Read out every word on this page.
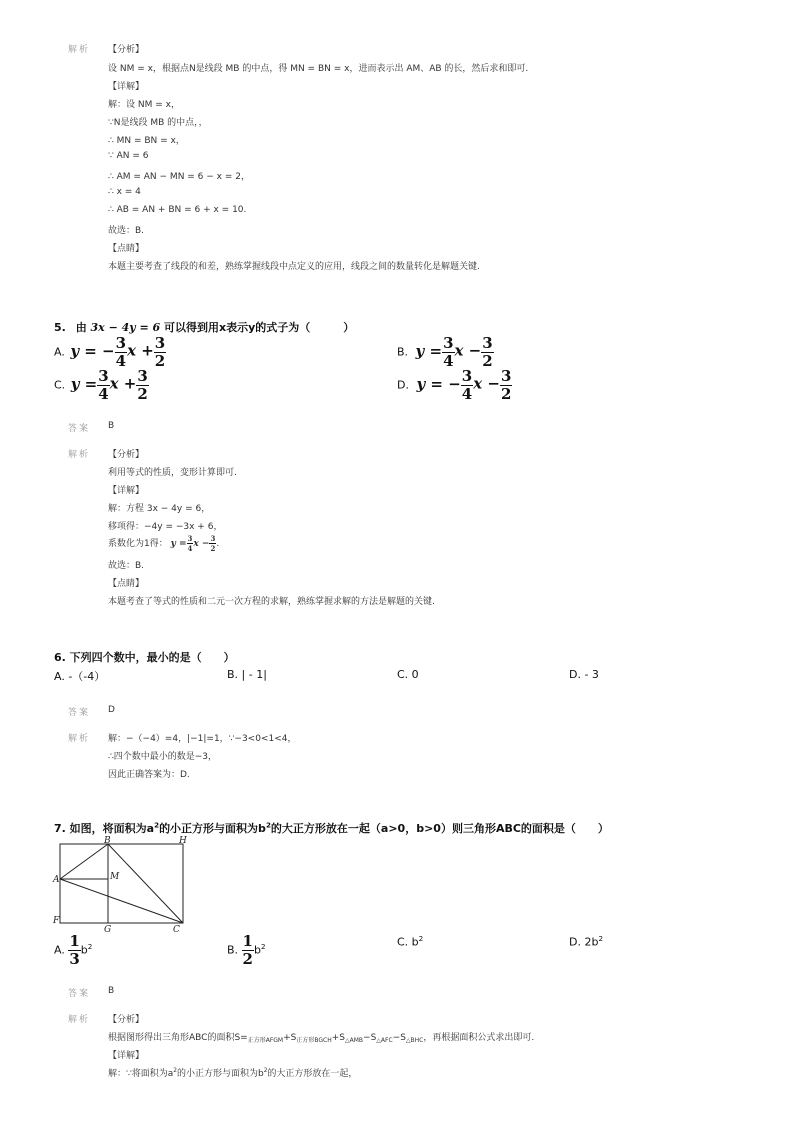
解析 【分析】
设 NM = x，根据点N是线段 MB 的中点，得 MN = BN = x，进而表示出 AM、AB 的长，然后求和即可.
【详解】
解：设 NM = x，
∵N是线段 MB 的中点，，
∴ MN = BN = x，
∵ AN = 6
∴ AM = AN − MN = 6 − x = 2，
∴ x = 4
∴ AB = AN + BN = 6 + x = 10.
故选：B.
【点睛】
本题主要考查了线段的和差，熟练掌握线段中点定义的应用，线段之间的数量转化是解题关键.
5. 由 3x − 4y = 6 可以得到用x表示y的式子为（　　　）
A. y = − $\frac{3}{4}$ $x + \frac{3}{2}$	B. $y = \frac{3}{4}$ $x - \frac{3}{2}$
C. $y = \frac{3}{4}$ $x + \frac{3}{2}$	D. y = − $\frac{3}{4}$ $x - \frac{3}{2}$
答案 B
解析 【分析】
利用等式的性质，变形计算即可.
【详解】
解：方程 3x − 4y = 6，
移项得：−4y = −3x + 6，
系数化为1得： $y = \frac{3}{4}$ $x - \frac{3}{2}$ .
故选：B.
【点睛】
本题考查了等式的性质和二元一次方程的求解，熟练掌握求解的方法是解题的关键.
6. 下列四个数中，最小的是（　　）
A. -（-4）	B. | - 1|	C. 0	D. - 3
答案 D
解析 解：−（−4）=4，|−1|=1，∵−3<0<1<4，
∴四个数中最小的数是−3，
因此正确答案为：D.
7. 如图，将面积为$a^2$的小正方形与面积为$b^2$的大正方形放在一起（a>0，b>0）则三角形ABC的面积是（　　）
B	H
A	M
F
G	C
A. $\frac{1}{3} b^2$	B. $\frac{1}{2} b^2$	C. $b^2$	D. $2b^2$
答案 B
解析 【分析】
根据图形得出三角形ABC的面积$S=_{正方形AFGM}+S_{正方形BGCH}+S_{\triangle AMB}-S_{\triangle AFC}-S_{\triangle BHC}$，再根据面积公式求出即可.
【详解】
解：∵将面积为$a^2$的小正方形与面积为$b^2$的大正方形放在一起，
